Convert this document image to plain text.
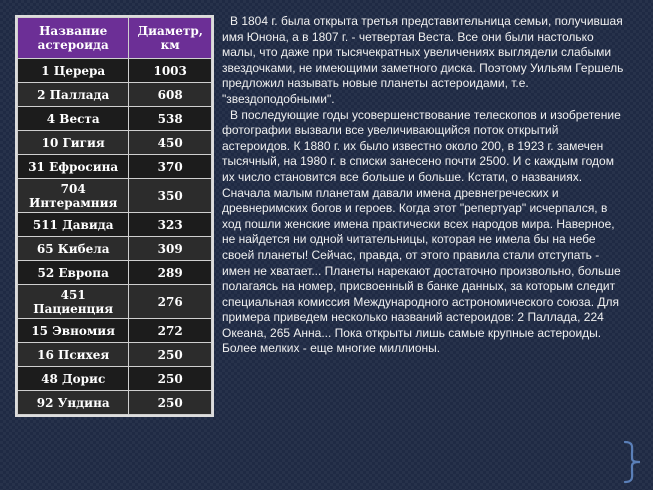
Название астероида	Диаметр, км
1 Церера	1003
2 Паллада	608
4 Веста	538
10 Гигия	450
31 Ефросина	370
704 Интерамния	350
511 Давида	323
65 Кибела	309
52 Европа	289
451 Пациенция	276
15 Эвномия	272
16 Психея	250
48 Дорис	250
92 Ундина	250

В 1804 г. была открыта третья представительница семьи, получившая имя Юнона, а в 1807 г. - четвертая Веста. Все они были настолько малы, что даже при тысячекратных увеличениях выглядели слабыми звездочками, не имеющими заметного диска. Поэтому Уильям Гершель предложил называть новые планеты астероидами, т.е. "звездоподобными".

В последующие годы усовершенствование телескопов и изобретение фотографии вызвали все увеличивающийся поток открытий астероидов. К 1880 г. их было известно около 200, в 1923 г. замечен тысячный, на 1980 г. в списки занесено почти 2500. И с каждым годом их число становится все больше и больше. Кстати, о названиях. Сначала малым планетам давали имена древнегреческих и древнеримских богов и героев. Когда этот "репертуар" исчерпался, в ход пошли женские имена практически всех народов мира. Наверное, не найдется ни одной читательницы, которая не имела бы на небе своей планеты! Сейчас, правда, от этого правила стали отступать - имен не хватает... Планеты нарекают достаточно произвольно, больше полагаясь на номер, присвоенный в банке данных, за которым следит специальная комиссия Международного астрономического союза. Для примера приведем несколько названий астероидов: 2 Паллада, 224 Океана, 265 Анна... Пока открыты лишь самые крупные астероиды. Более мелких - еще многие миллионы.
